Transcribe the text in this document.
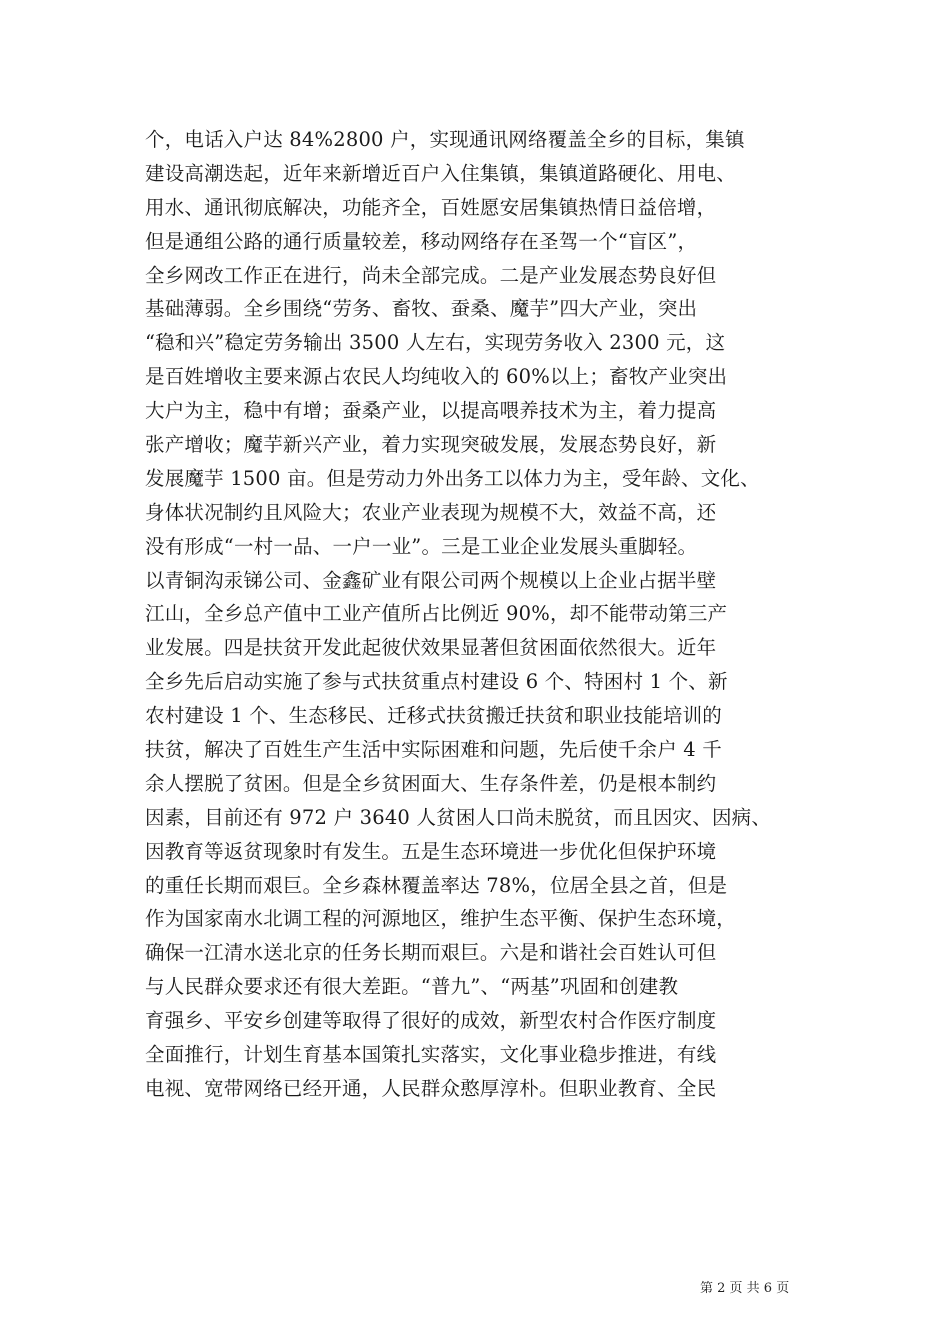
个，电话入户达 84%2800 户，实现通讯网络覆盖全乡的目标，集镇
建设高潮迭起，近年来新增近百户入住集镇，集镇道路硬化、用电、
用水、通讯彻底解决，功能齐全，百姓愿安居集镇热情日益倍增，
但是通组公路的通行质量较差，移动网络存在圣驾一个“盲区”，
全乡网改工作正在进行，尚未全部完成。二是产业发展态势良好但
基础薄弱。全乡围绕“劳务、畜牧、蚕桑、魔芋”四大产业，突出
“稳和兴”稳定劳务输出 3500 人左右，实现劳务收入 2300 元，这
是百姓增收主要来源占农民人均纯收入的 60%以上；畜牧产业突出
大户为主，稳中有增；蚕桑产业，以提高喂养技术为主，着力提高
张产增收；魔芋新兴产业，着力实现突破发展，发展态势良好，新
发展魔芋 1500 亩。但是劳动力外出务工以体力为主，受年龄、文化、
身体状况制约且风险大；农业产业表现为规模不大，效益不高，还
没有形成“一村一品、一户一业”。三是工业企业发展头重脚轻。
以青铜沟汞锑公司、金鑫矿业有限公司两个规模以上企业占据半壁
江山，全乡总产值中工业产值所占比例近 90%，却不能带动第三产
业发展。四是扶贫开发此起彼伏效果显著但贫困面依然很大。近年
全乡先后启动实施了参与式扶贫重点村建设 6 个、特困村 1 个、新
农村建设 1 个、生态移民、迁移式扶贫搬迁扶贫和职业技能培训的
扶贫，解决了百姓生产生活中实际困难和问题，先后使千余户 4 千
余人摆脱了贫困。但是全乡贫困面大、生存条件差，仍是根本制约
因素，目前还有 972 户 3640 人贫困人口尚未脱贫，而且因灾、因病、
因教育等返贫现象时有发生。五是生态环境进一步优化但保护环境
的重任长期而艰巨。全乡森林覆盖率达 78%，位居全县之首，但是
作为国家南水北调工程的河源地区，维护生态平衡、保护生态环境，
确保一江清水送北京的任务长期而艰巨。六是和谐社会百姓认可但
与人民群众要求还有很大差距。“普九”、“两基”巩固和创建教
育强乡、平安乡创建等取得了很好的成效，新型农村合作医疗制度
全面推行，计划生育基本国策扎实落实，文化事业稳步推进，有线
电视、宽带网络已经开通，人民群众憨厚淳朴。但职业教育、全民
第 2 页 共 6 页
